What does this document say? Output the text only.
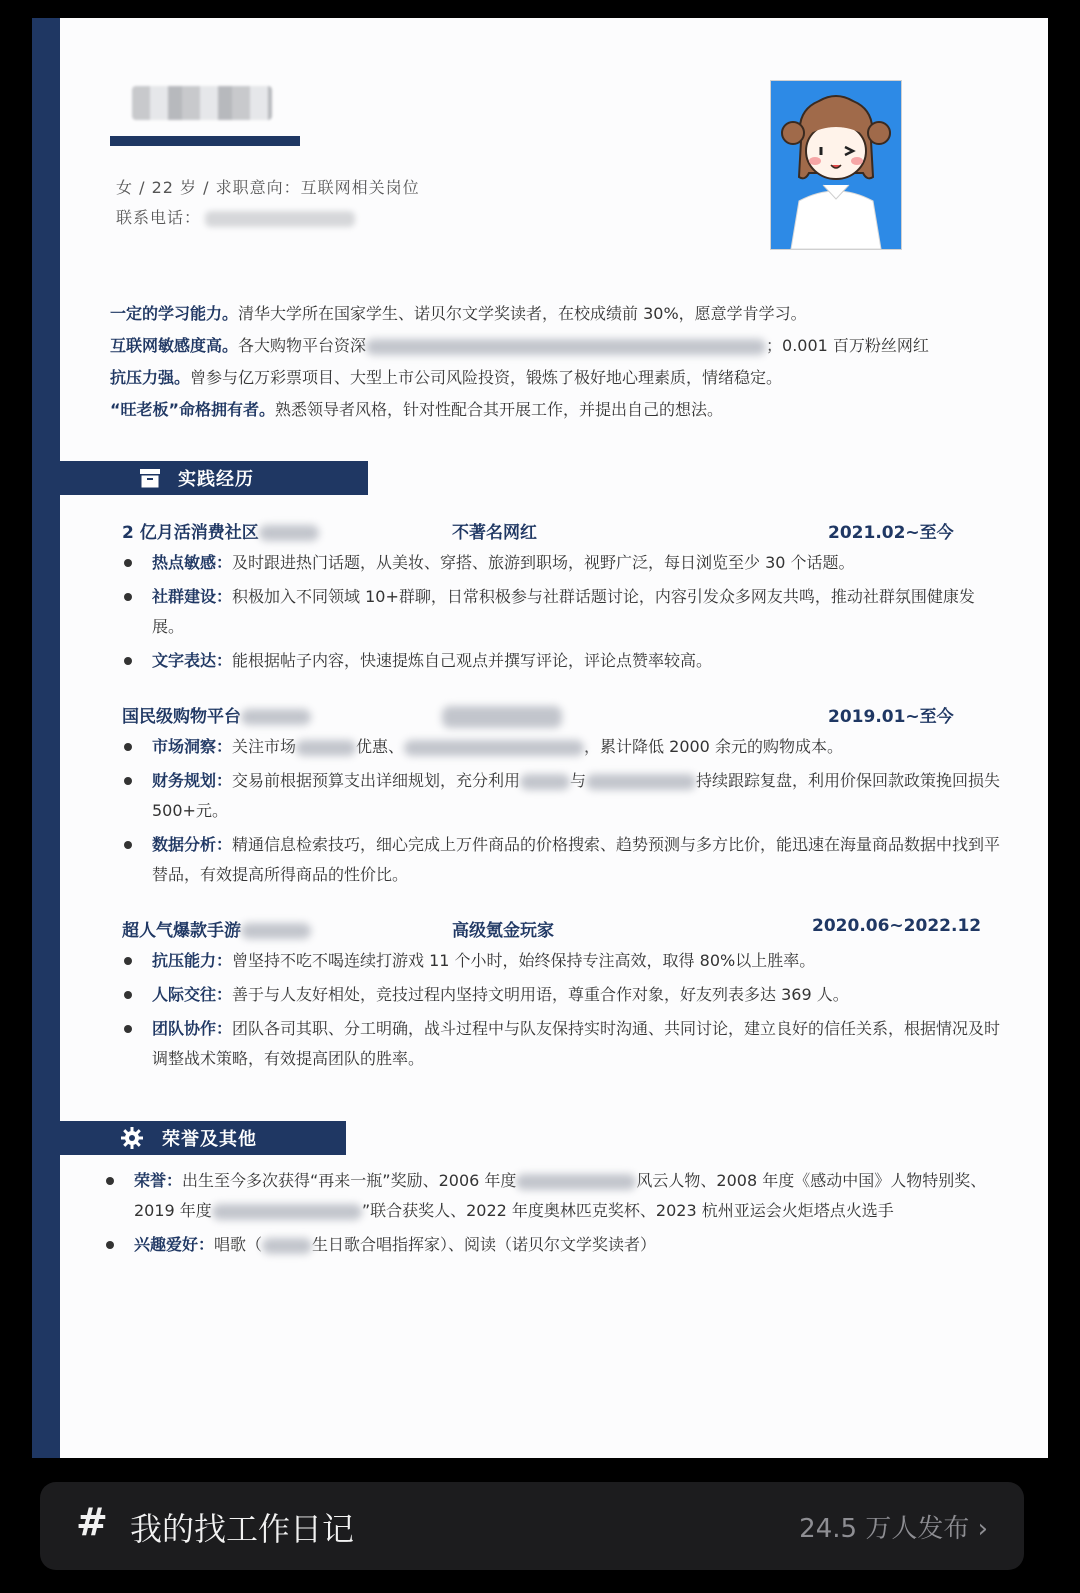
女 / 22 岁 / 求职意向：互联网相关岗位
联系电话：
一定的学习能力。清华大学所在国家学生、诺贝尔文学奖读者，在校成绩前 30%，愿意学肯学习。
互联网敏感度高。各大购物平台资深	；0.001 百万粉丝网红
抗压力强。曾参与亿万彩票项目、大型上市公司风险投资，锻炼了极好地心理素质，情绪稳定。
“旺老板”命格拥有者。熟悉领导者风格，针对性配合其开展工作，并提出自己的想法。
实践经历
2 亿月活消费社区	不著名网红	2021.02~至今
热点敏感：及时跟进热门话题，从美妆、穿搭、旅游到职场，视野广泛，每日浏览至少 30 个话题。
社群建设：积极加入不同领域 10+群聊，日常积极参与社群话题讨论，内容引发众多网友共鸣，推动社群氛围健康发展。
文字表达：能根据帖子内容，快速提炼自己观点并撰写评论，评论点赞率较高。
国民级购物平台	2019.01~至今
市场洞察：关注市场	优惠、	，累计降低 2000 余元的购物成本。
财务规划：交易前根据预算支出详细规划，充分利用	与	持续跟踪复盘，利用价保回款政策挽回损失 500+元。
数据分析：精通信息检索技巧，细心完成上万件商品的价格搜索、趋势预测与多方比价，能迅速在海量商品数据中找到平替品，有效提高所得商品的性价比。
超人气爆款手游	高级氪金玩家	2020.06~2022.12
抗压能力：曾坚持不吃不喝连续打游戏 11 个小时，始终保持专注高效，取得 80%以上胜率。
人际交往：善于与人友好相处，竞技过程内坚持文明用语，尊重合作对象，好友列表多达 369 人。
团队协作：团队各司其职、分工明确，战斗过程中与队友保持实时沟通、共同讨论，建立良好的信任关系，根据情况及时调整战术策略，有效提高团队的胜率。
荣誉及其他
荣誉：出生至今多次获得“再来一瓶”奖励、2006 年度	风云人物、2008 年度《感动中国》人物特别奖、2019 年度	”联合获奖人、2022 年度奥林匹克奖杯、2023 杭州亚运会火炬塔点火选手
兴趣爱好：唱歌（	生日歌合唱指挥家）、阅读（诺贝尔文学奖读者）
# 我的找工作日记	24.5 万人发布 ›
